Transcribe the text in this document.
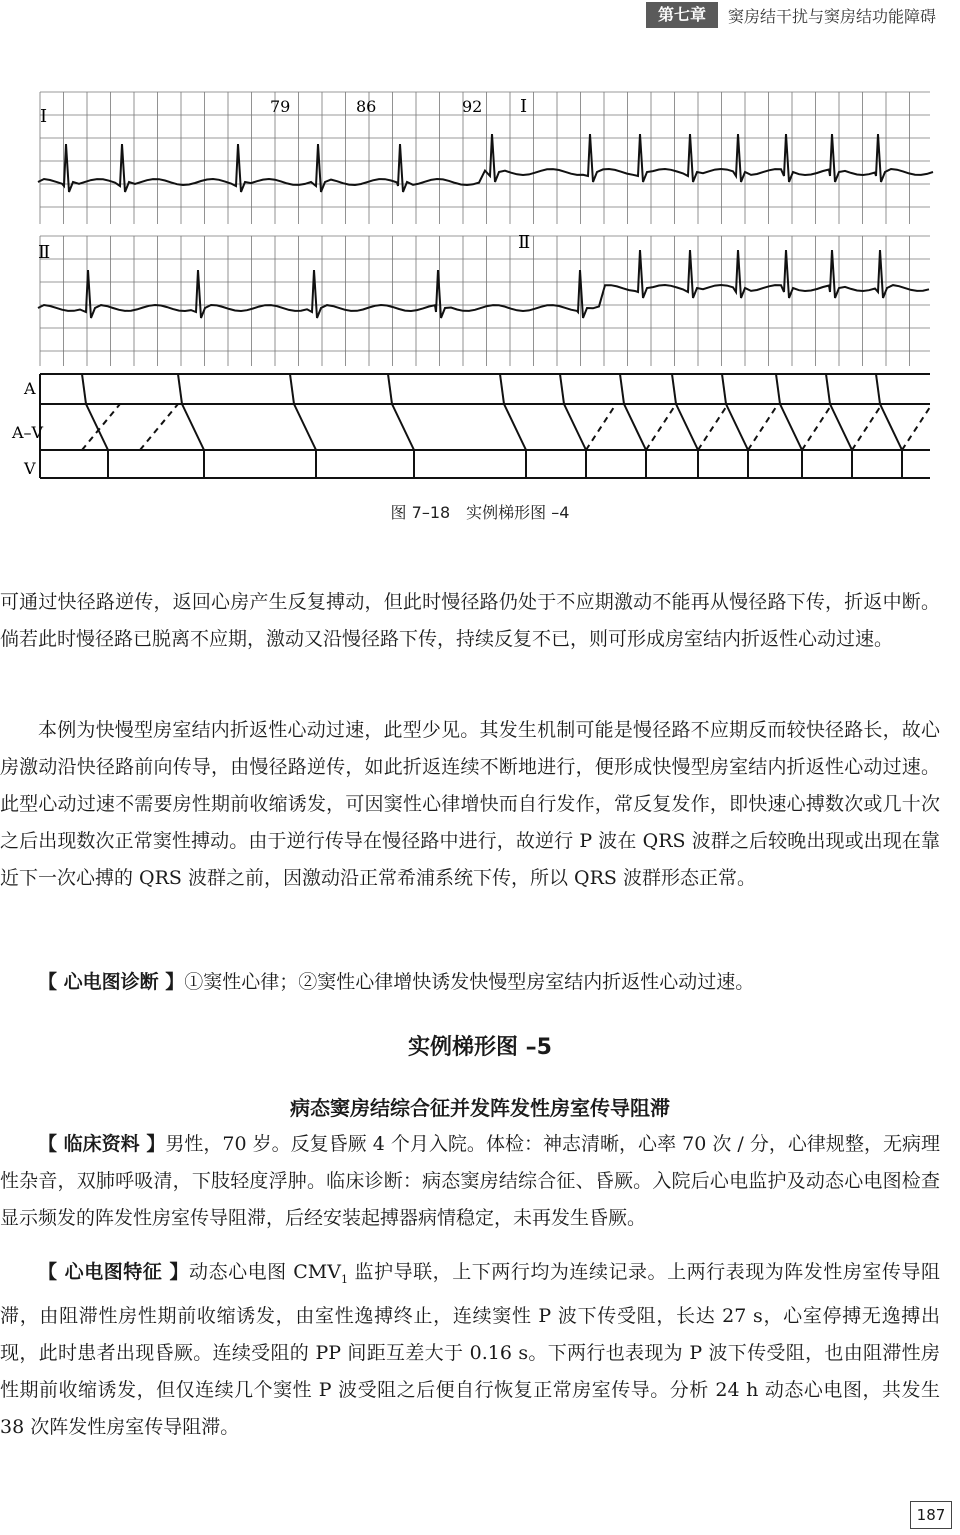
第七章	窦房结干扰与窦房结功能障碍
Ⅰ	Ⅰ
79	86	92
Ⅱ	Ⅱ
A
A–V
V
图 7–18　实例梯形图 –4

可通过快径路逆传，返回心房产生反复搏动，但此时慢径路仍处于不应期激动不能再从慢径路下传，折返中断。倘若此时慢径路已脱离不应期，激动又沿慢径路下传，持续反复不已，则可形成房室结内折返性心动过速。

本例为快慢型房室结内折返性心动过速，此型少见。其发生机制可能是慢径路不应期反而较快径路长，故心房激动沿快径路前向传导，由慢径路逆传，如此折返连续不断地进行，便形成快慢型房室结内折返性心动过速。此型心动过速不需要房性期前收缩诱发，可因窦性心律增快而自行发作，常反复发作，即快速心搏数次或几十次之后出现数次正常窦性搏动。由于逆行传导在慢径路中进行，故逆行 P 波在 QRS 波群之后较晚出现或出现在靠近下一次心搏的 QRS 波群之前，因激动沿正常希浦系统下传，所以 QRS 波群形态正常。

【 心电图诊断 】①窦性心律；②窦性心律增快诱发快慢型房室结内折返性心动过速。

实例梯形图 –5
病态窦房结综合征并发阵发性房室传导阻滞

【 临床资料 】男性，70 岁。反复昏厥 4 个月入院。体检：神志清晰，心率 70 次 / 分，心律规整，无病理性杂音，双肺呼吸清，下肢轻度浮肿。临床诊断：病态窦房结综合征、昏厥。入院后心电监护及动态心电图检查显示频发的阵发性房室传导阻滞，后经安装起搏器病情稳定，未再发生昏厥。

【 心电图特征 】动态心电图 $CMV_1$ 监护导联，上下两行均为连续记录。上两行表现为阵发性房室传导阻滞，由阻滞性房性期前收缩诱发，由室性逸搏终止，连续窦性 P 波下传受阻，长达 27 s，心室停搏无逸搏出现，此时患者出现昏厥。连续受阻的 PP 间距互差大于 0.16 s。下两行也表现为 P 波下传受阻，也由阻滞性房性期前收缩诱发，但仅连续几个窦性 P 波受阻之后便自行恢复正常房室传导。分析 24 h 动态心电图，共发生 38 次阵发性房室传导阻滞。

187
